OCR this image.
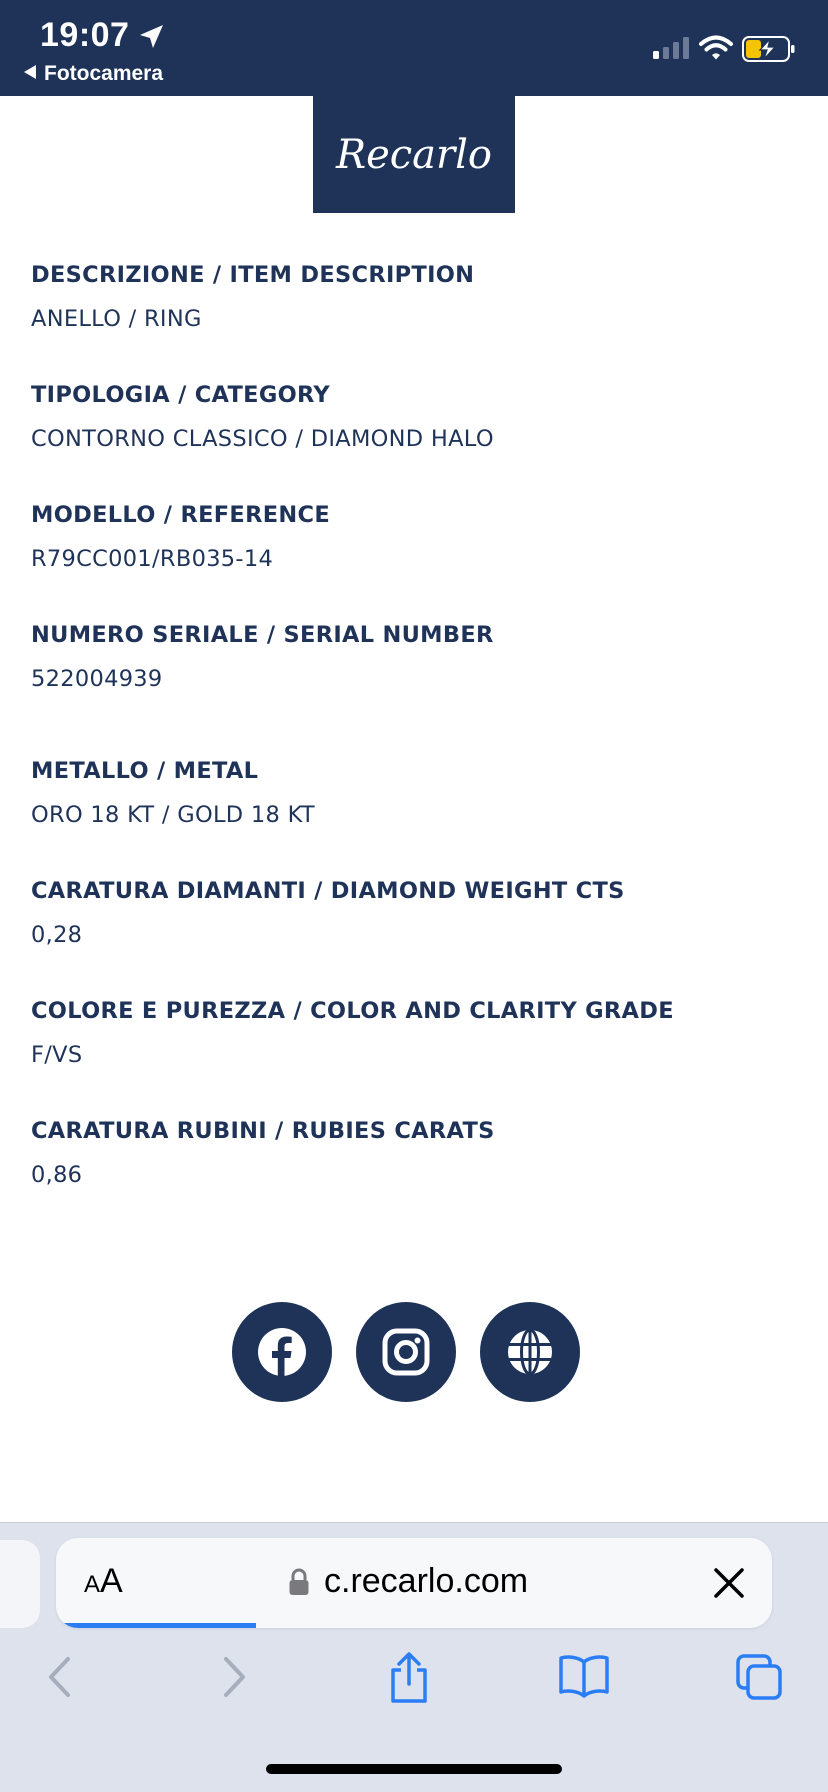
19:07
Fotocamera
Recarlo
DESCRIZIONE / ITEM DESCRIPTION
ANELLO / RING
TIPOLOGIA / CATEGORY
CONTORNO CLASSICO / DIAMOND HALO
MODELLO / REFERENCE
R79CC001/RB035-14
NUMERO SERIALE / SERIAL NUMBER
522004939
METALLO / METAL
ORO 18 KT / GOLD 18 KT
CARATURA DIAMANTI / DIAMOND WEIGHT CTS
0,28
COLORE E PUREZZA / COLOR AND CLARITY GRADE
F/VS
CARATURA RUBINI / RUBIES CARATS
0,86
AA	c.recarlo.com
